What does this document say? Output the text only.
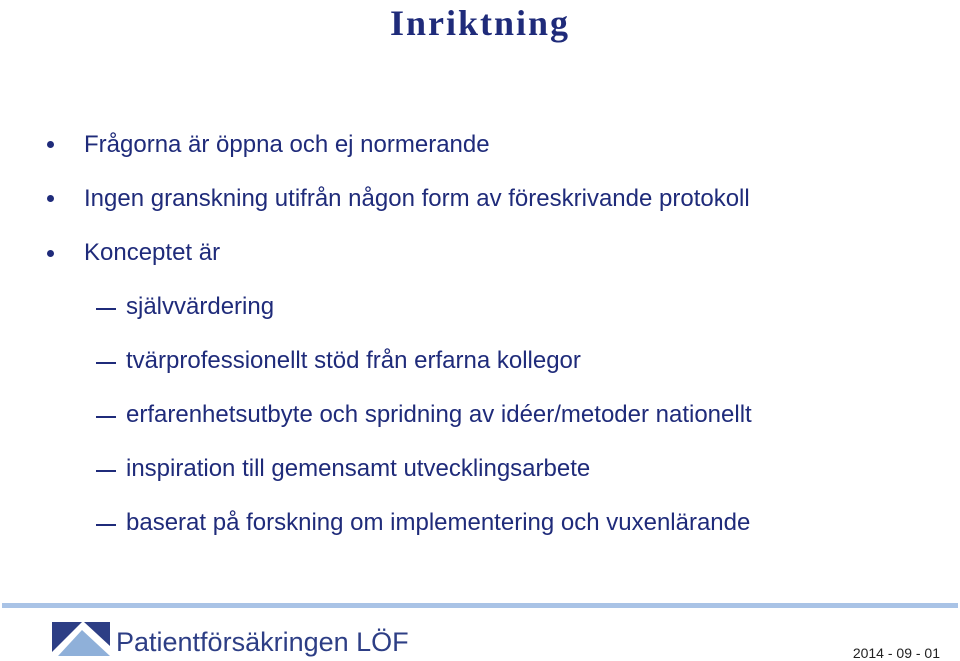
Inriktning
Frågorna är öppna och ej normerande
Ingen granskning utifrån någon form av föreskrivande protokoll
Konceptet är
självvärdering
tvärprofessionellt stöd från erfarna kollegor
erfarenhetsutbyte och spridning av idéer/metoder nationellt
inspiration till gemensamt utvecklingsarbete
baserat på forskning om implementering och vuxenlärande
Patientförsäkringen LÖF	2014 - 09 - 01
